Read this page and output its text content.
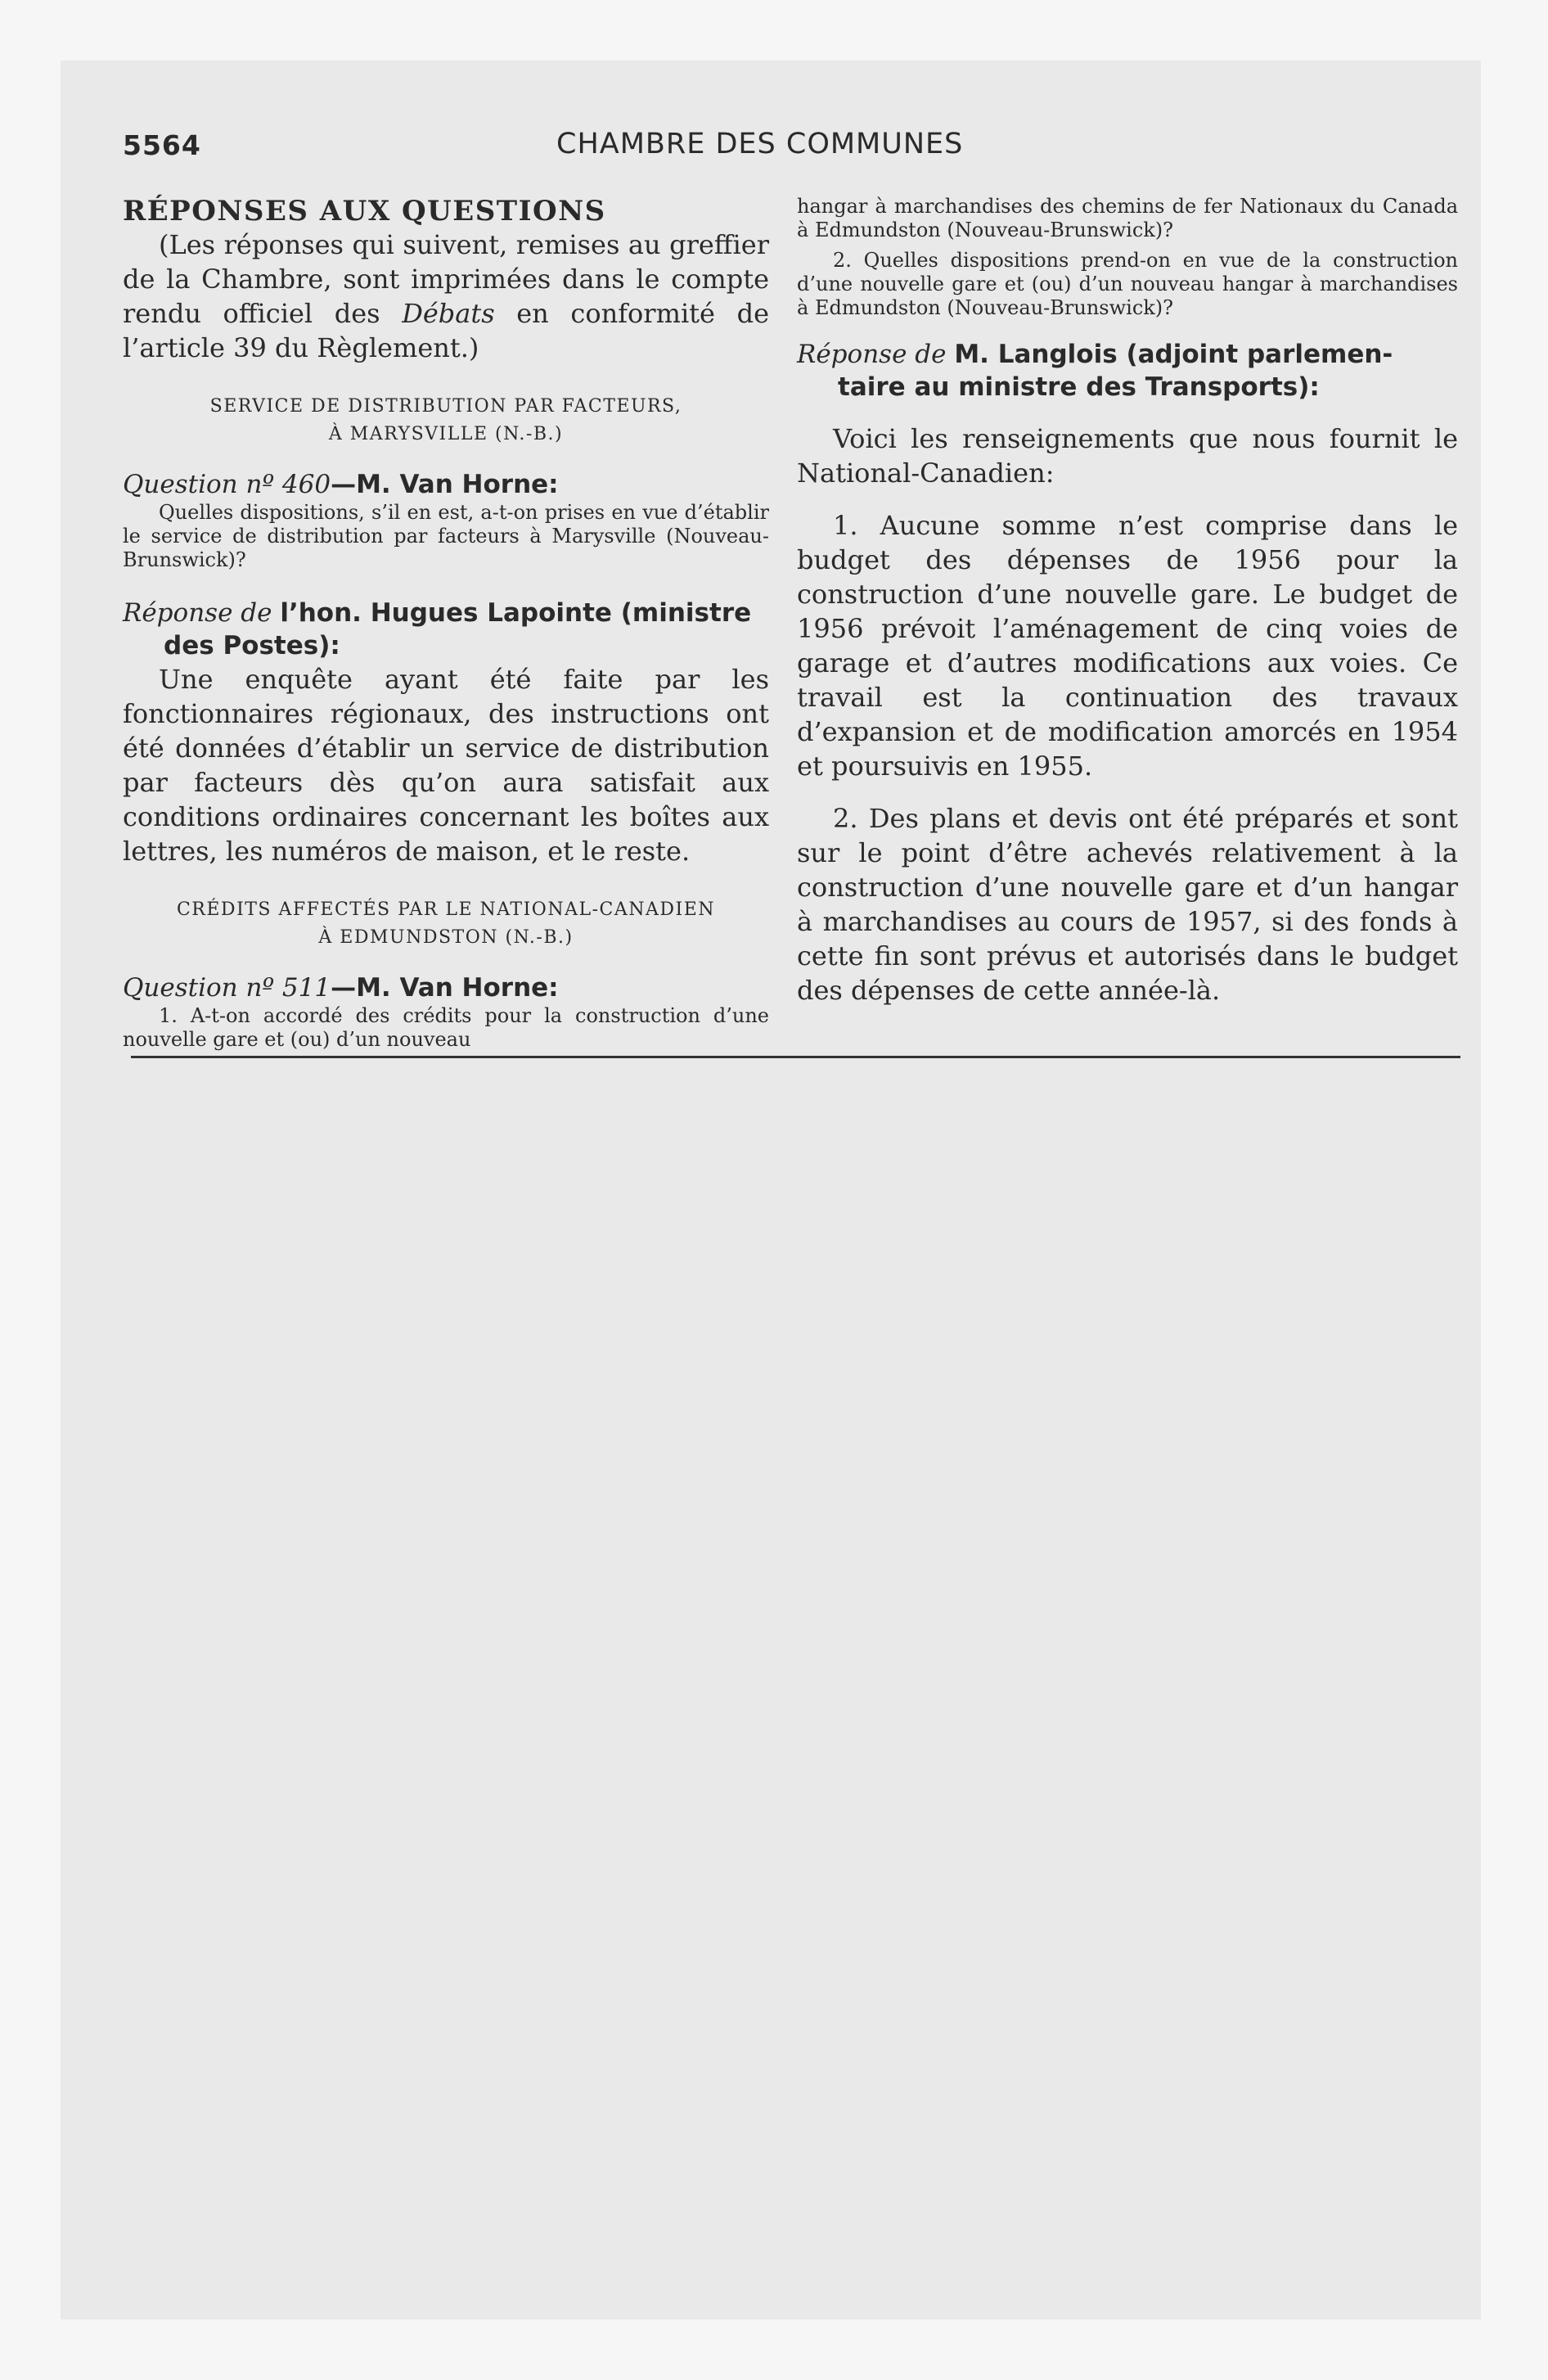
5564	CHAMBRE DES COMMUNES

RÉPONSES AUX QUESTIONS

(Les réponses qui suivent, remises au greffier de la Chambre, sont imprimées dans le compte rendu officiel des Débats en conformité de l’article 39 du Règlement.)

SERVICE DE DISTRIBUTION PAR FACTEURS,
À MARYSVILLE (N.-B.)

Question nº 460—M. Van Horne:

Quelles dispositions, s’il en est, a-t-on prises en vue d’établir le service de distribution par facteurs à Marysville (Nouveau-Brunswick)?

Réponse de l’hon. Hugues Lapointe (ministre
des Postes):

Une enquête ayant été faite par les fonctionnaires régionaux, des instructions ont été données d’établir un service de distribution par facteurs dès qu’on aura satisfait aux conditions ordinaires concernant les boîtes aux lettres, les numéros de maison, et le reste.

CRÉDITS AFFECTÉS PAR LE NATIONAL-CANADIEN
À EDMUNDSTON (N.-B.)

Question nº 511—M. Van Horne:

1. A-t-on accordé des crédits pour la construction d’une nouvelle gare et (ou) d’un nouveau

hangar à marchandises des chemins de fer Nationaux du Canada à Edmundston (Nouveau-Brunswick)?

2. Quelles dispositions prend-on en vue de la construction d’une nouvelle gare et (ou) d’un nouveau hangar à marchandises à Edmundston (Nouveau-Brunswick)?

Réponse de M. Langlois (adjoint parlemen-
taire au ministre des Transports):

Voici les renseignements que nous fournit le National-Canadien:

1. Aucune somme n’est comprise dans le budget des dépenses de 1956 pour la construction d’une nouvelle gare. Le budget de 1956 prévoit l’aménagement de cinq voies de garage et d’autres modifications aux voies. Ce travail est la continuation des travaux d’expansion et de modification amorcés en 1954 et poursuivis en 1955.

2. Des plans et devis ont été préparés et sont sur le point d’être achevés relativement à la construction d’une nouvelle gare et d’un hangar à marchandises au cours de 1957, si des fonds à cette fin sont prévus et autorisés dans le budget des dépenses de cette année-là.
